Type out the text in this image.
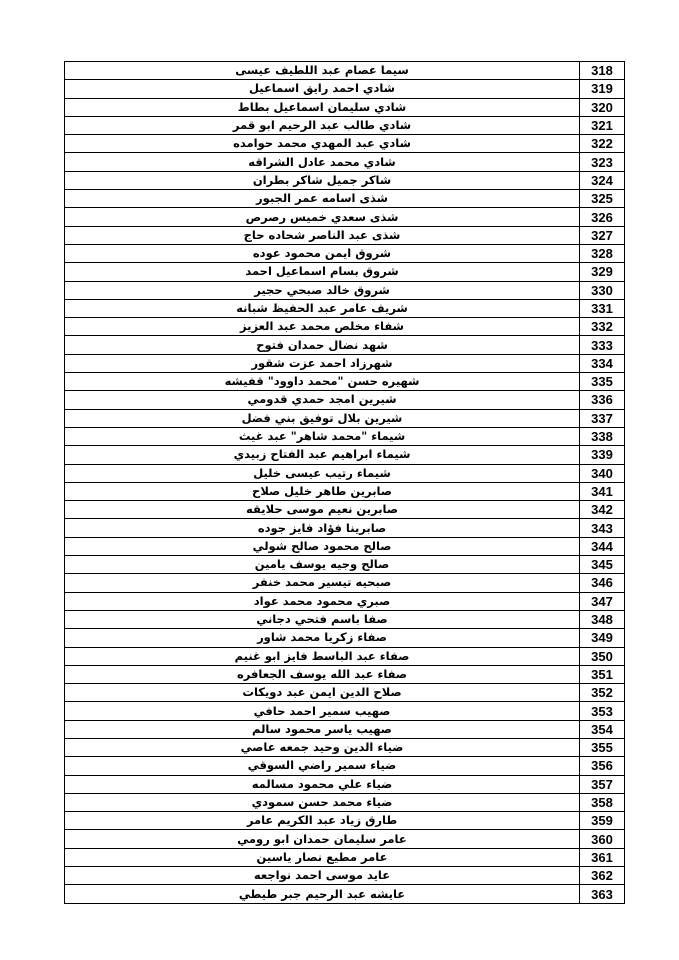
سيما عصام عبد اللطيف عيسى	318
شادي احمد رايق اسماعيل	319
شادي سليمان اسماعيل بطاط	320
شادي طالب عبد الرحيم ابو قمر	321
شادي عبد المهدي محمد حوامده	322
شادي محمد عادل الشراقه	323
شاكر جميل شاكر بطران	324
شذى اسامه عمر الجبور	325
شذى سعدي خميس رصرص	326
شذى عبد الناصر شحاده حاج	327
شروق ايمن محمود عوده	328
شروق بسام اسماعيل احمد	329
شروق خالد صبحي حجير	330
شريف عامر عبد الحفيظ شبانه	331
شفاء مخلص محمد عبد العزيز	332
شهد نضال حمدان فتوح	333
شهرزاد احمد عزت شقور	334
شهيره حسن "محمد داوود" قفيشه	335
شيرين امجد حمدي قدومي	336
شيرين بلال توفيق بني فضل	337
شيماء "محمد شاهر" عبد غيث	338
شيماء ابراهيم عبد الفتاح زبيدي	339
شيماء رتيب عيسى خليل	340
صابرين طاهر خليل صلاح	341
صابرين نعيم موسى حلايقه	342
صابرينا فؤاد فايز جوده	343
صالح محمود صالح شولي	344
صالح وجيه يوسف يامين	345
صبحيه تيسير محمد خنفر	346
صبري محمود محمد عواد	347
صفا باسم فتحي دجاني	348
صفاء زكريا محمد شاور	349
صفاء عبد الباسط فايز ابو غنيم	350
صفاء عبد الله يوسف الجعافره	351
صلاح الدين ايمن عبد دويكات	352
صهيب سمير احمد حافي	353
صهيب ياسر محمود سالم	354
ضياء الدين وحيد جمعه عاصي	355
ضياء سمير راضي السوقي	356
ضياء علي محمود مسالمه	357
ضياء محمد حسن سمودي	358
طارق زياد عبد الكريم عامر	359
عامر سليمان حمدان ابو رومي	360
عامر مطيع نصار ياسين	361
عايد موسى احمد نواجعه	362
عايشه عبد الرحيم جبر طيطي	363
